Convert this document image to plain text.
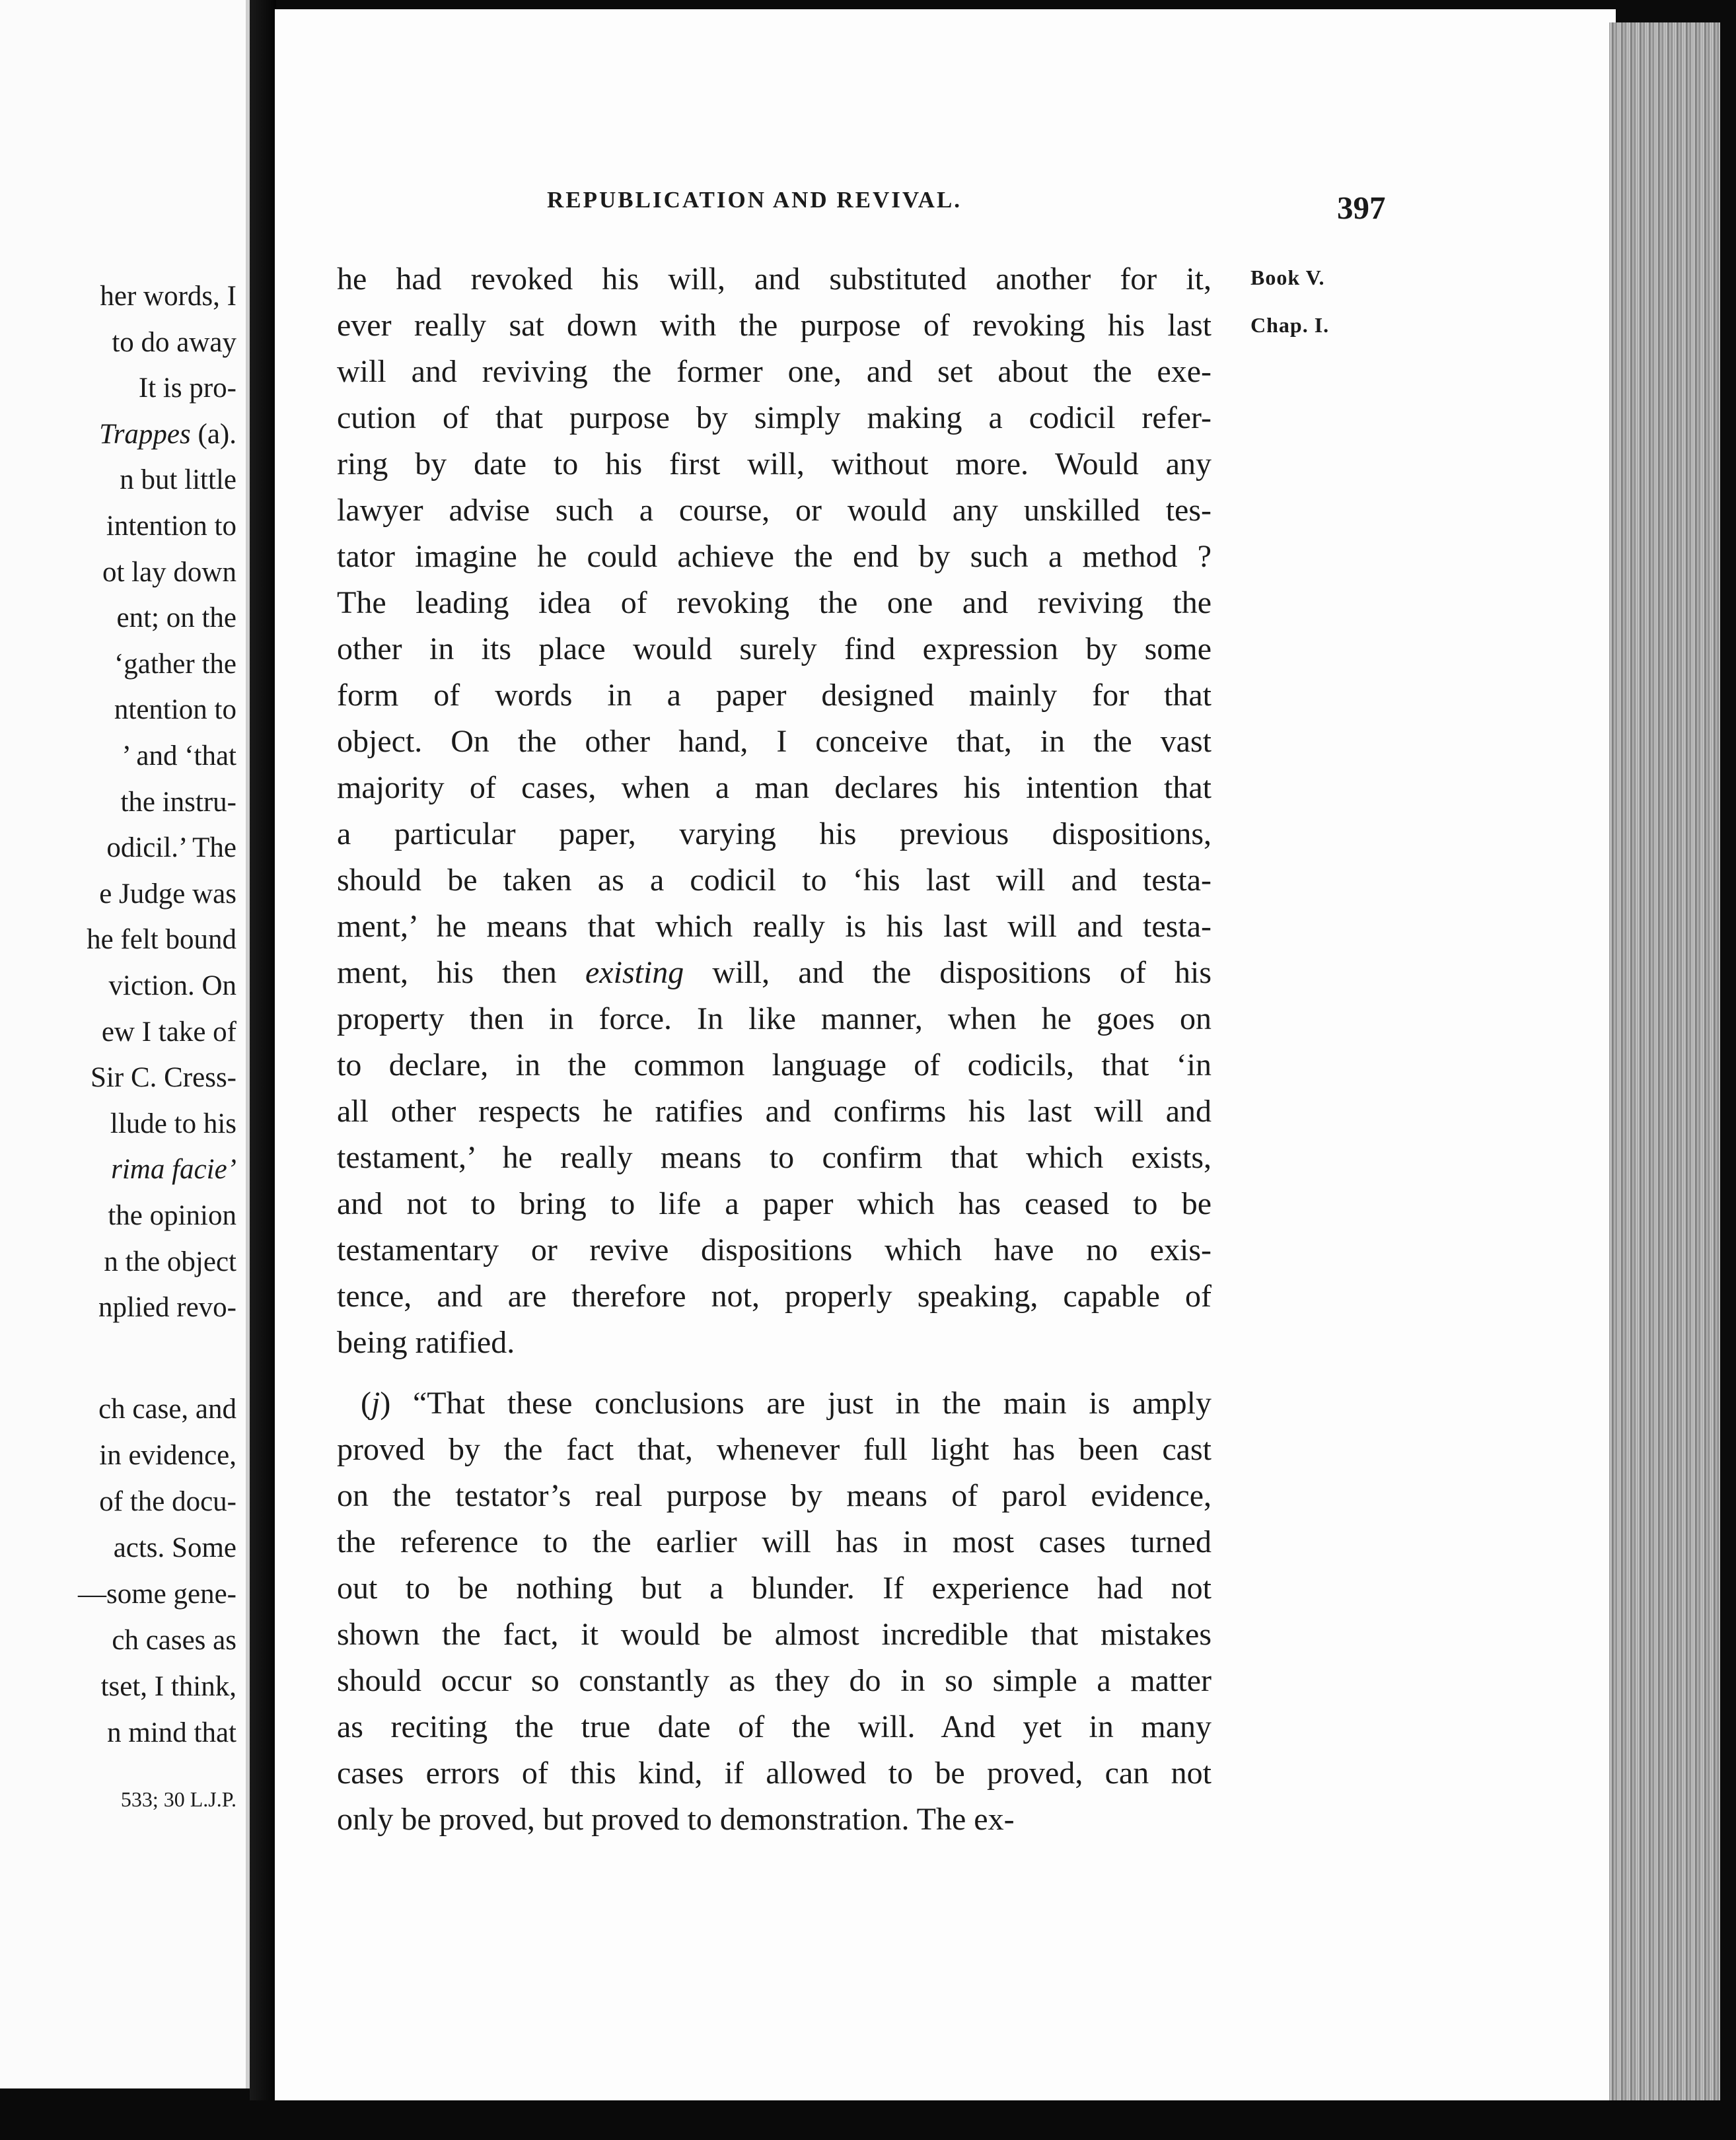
her words, I
to do away
It is pro-
Trappes (a).
n but little
intention to
ot lay down
ent; on the
‘gather the
ntention to
’ and ‘that
the instru-
odicil.’ The
e Judge was
he felt bound
viction. On
ew I take of
Sir C. Cress-
llude to his
rima facie’
the opinion
n the object
nplied revo-
ch case, and
in evidence,
of the docu-
acts. Some
—some gene-
ch cases as
tset, I think,
n mind that
533; 30 L.J.P.
REPUBLICATION AND REVIVAL.	397
Book V.
Chap. I.
he had revoked his will, and substituted another for it,
ever really sat down with the purpose of revoking his last
will and reviving the former one, and set about the exe-
cution of that purpose by simply making a codicil refer-
ring by date to his first will, without more. Would any
lawyer advise such a course, or would any unskilled tes-
tator imagine he could achieve the end by such a method ?
The leading idea of revoking the one and reviving the
other in its place would surely find expression by some
form of words in a paper designed mainly for that
object. On the other hand, I conceive that, in the vast
majority of cases, when a man declares his intention that
a particular paper, varying his previous dispositions,
should be taken as a codicil to ‘his last will and testa-
ment,’ he means that which really is his last will and testa-
ment, his then existing will, and the dispositions of his
property then in force. In like manner, when he goes on
to declare, in the common language of codicils, that ‘in
all other respects he ratifies and confirms his last will and
testament,’ he really means to confirm that which exists,
and not to bring to life a paper which has ceased to be
testamentary or revive dispositions which have no exis-
tence, and are therefore not, properly speaking, capable of
being ratified.
(j) “That these conclusions are just in the main is amply
proved by the fact that, whenever full light has been cast
on the testator’s real purpose by means of parol evidence,
the reference to the earlier will has in most cases turned
out to be nothing but a blunder. If experience had not
shown the fact, it would be almost incredible that mistakes
should occur so constantly as they do in so simple a matter
as reciting the true date of the will. And yet in many
cases errors of this kind, if allowed to be proved, can not
only be proved, but proved to demonstration. The ex-
